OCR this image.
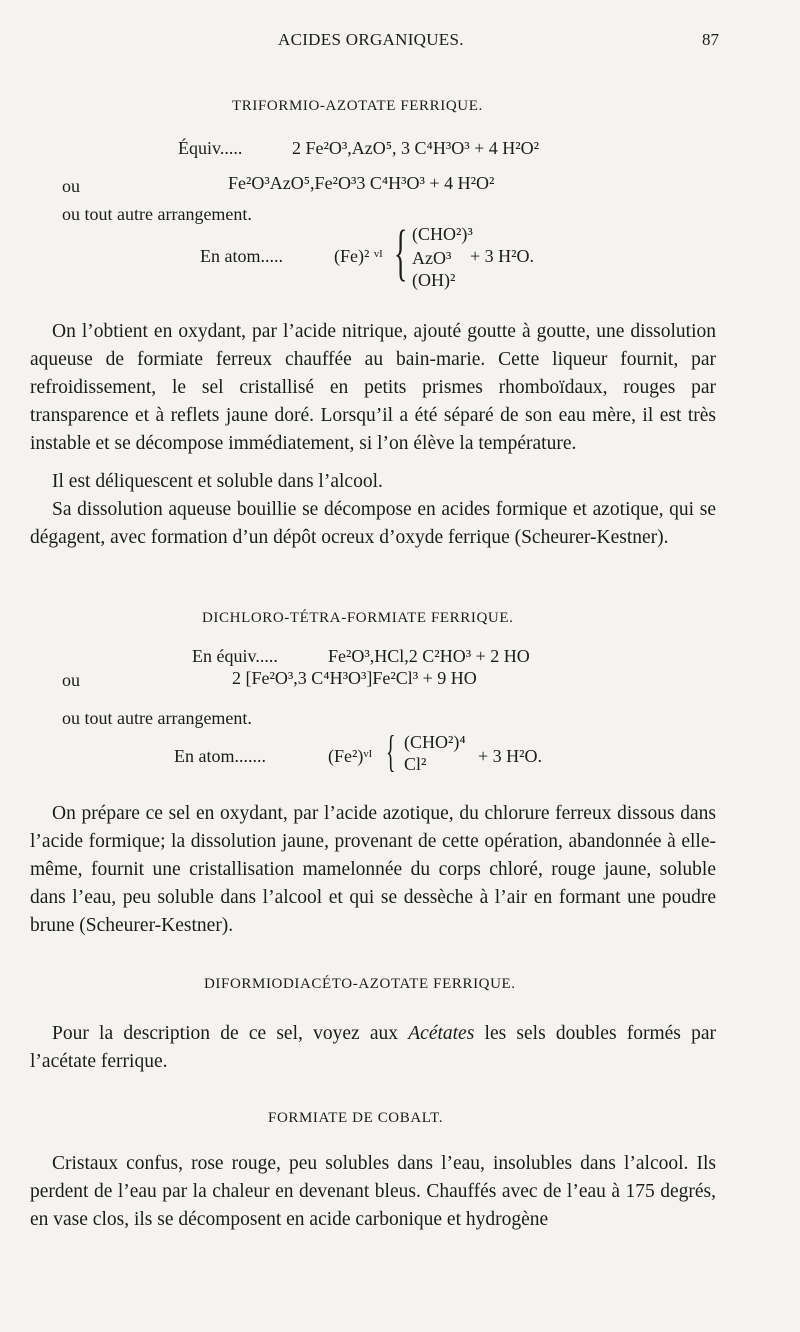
ACIDES ORGANIQUES.	87
TRIFORMIO-AZOTATE FERRIQUE.
Équiv.....	2 Fe²O³,AzO⁵, 3 C⁴H³O³ + 4 H²O²
ou	Fe²O³AzO⁵,Fe²O³3 C⁴H³O³ + 4 H²O²
ou tout autre arrangement.
En atom.....	(Fe)² ᵛᴵ { (CHO²)³
AzO³
(OH)²
+ 3 H²O.
On l’obtient en oxydant, par l’acide nitrique, ajouté goutte à goutte, une dissolution aqueuse de formiate ferreux chauffée au bain-marie. Cette liqueur fournit, par refroidissement, le sel cristallisé en petits prismes rhomboïdaux, rouges par transparence et à reflets jaune doré. Lorsqu’il a été séparé de son eau mère, il est très instable et se décompose immédiatement, si l’on élève la température.
Il est déliquescent et soluble dans l’alcool.
Sa dissolution aqueuse bouillie se décompose en acides formique et azotique, qui se dégagent, avec formation d’un dépôt ocreux d’oxyde ferrique (Scheurer-Kestner).
DICHLORO-TÉTRA-FORMIATE FERRIQUE.
En équiv.....	Fe²O³,HCl,2 C²HO³ + 2 HO
ou	2 [Fe²O³,3 C⁴H³O³]Fe²Cl³ + 9 HO
ou tout autre arrangement.
En atom.......	(Fe²)ᵛᴵ { (CHO²)⁴
Cl²	+ 3 H²O.
On prépare ce sel en oxydant, par l’acide azotique, du chlorure ferreux dissous dans l’acide formique; la dissolution jaune, provenant de cette opération, abandonnée à elle-même, fournit une cristallisation mamelonnée du corps chloré, rouge jaune, soluble dans l’eau, peu soluble dans l’alcool et qui se dessèche à l’air en formant une poudre brune (Scheurer-Kestner).
DIFORMIODIACÉTO-AZOTATE FERRIQUE.
Pour la description de ce sel, voyez aux Acétates les sels doubles formés par l’acétate ferrique.
FORMIATE DE COBALT.
Cristaux confus, rose rouge, peu solubles dans l’eau, insolubles dans l’alcool. Ils perdent de l’eau par la chaleur en devenant bleus. Chauffés avec de l’eau à 175 degrés, en vase clos, ils se décomposent en acide carbonique et hydrogène
